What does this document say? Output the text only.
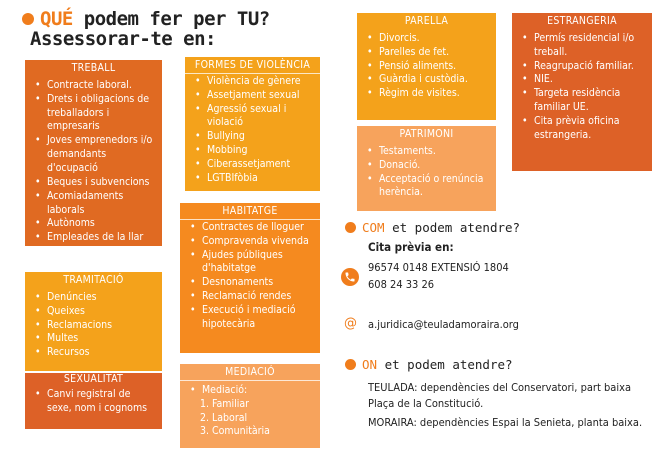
QUÉ
podem fer per TU?
Assessorar-te en:
TREBALL
• Contracte laboral.
• Drets i obligacions de treballadors i empresaris
• Joves emprenedors i/o demandants d'ocupació
• Beques i subvencions
• Acomiadaments laborals
• Autònoms
• Empleades de la llar
• Incapacitats laborals
FORMES DE VIOLÈNCIA
• Violència de gènere
• Assetjament sexual
• Agressió sexual i violació
• Bullying
• Mobbing
• Ciberassetjament
• LGTBIfòbia
PARELLA
• Divorcis.
• Parelles de fet.
• Pensió aliments.
• Guàrdia i custòdia.
• Règim de visites.
ESTRANGERIA
• Permís residencial i/o treball.
• Reagrupació familiar.
• NIE.
• Targeta residència familiar UE.
• Cita prèvia oficina estrangeria.
PATRIMONI
• Testaments.
• Donació.
• Acceptació o renúncia herència.
HABITATGE
• Contractes de lloguer
• Compravenda vivenda
• Ajudes públiques d'habitatge
• Desnonaments
• Reclamació rendes
• Execució i mediació hipotecària
TRAMITACIÓ
• Denúncies
• Queixes
• Reclamacions
• Multes
• Recursos
SEXUALITAT
• Canvi registral de sexe, nom i cognoms
MEDIACIÓ
• Mediació:
1. Familiar
2. Laboral
3. Comunitària
COM
et podem atendre?
Cita prèvia en:
96574 0148 EXTENSIÓ 1804
608 24 33 26
@ a.juridica@teuladamoraira.org
ON
et podem atendre?
TEULADA: dependències del Conservatori, part baixa Plaça de la Constitució.
MORAIRA: dependències Espai la Senieta, planta baixa.
